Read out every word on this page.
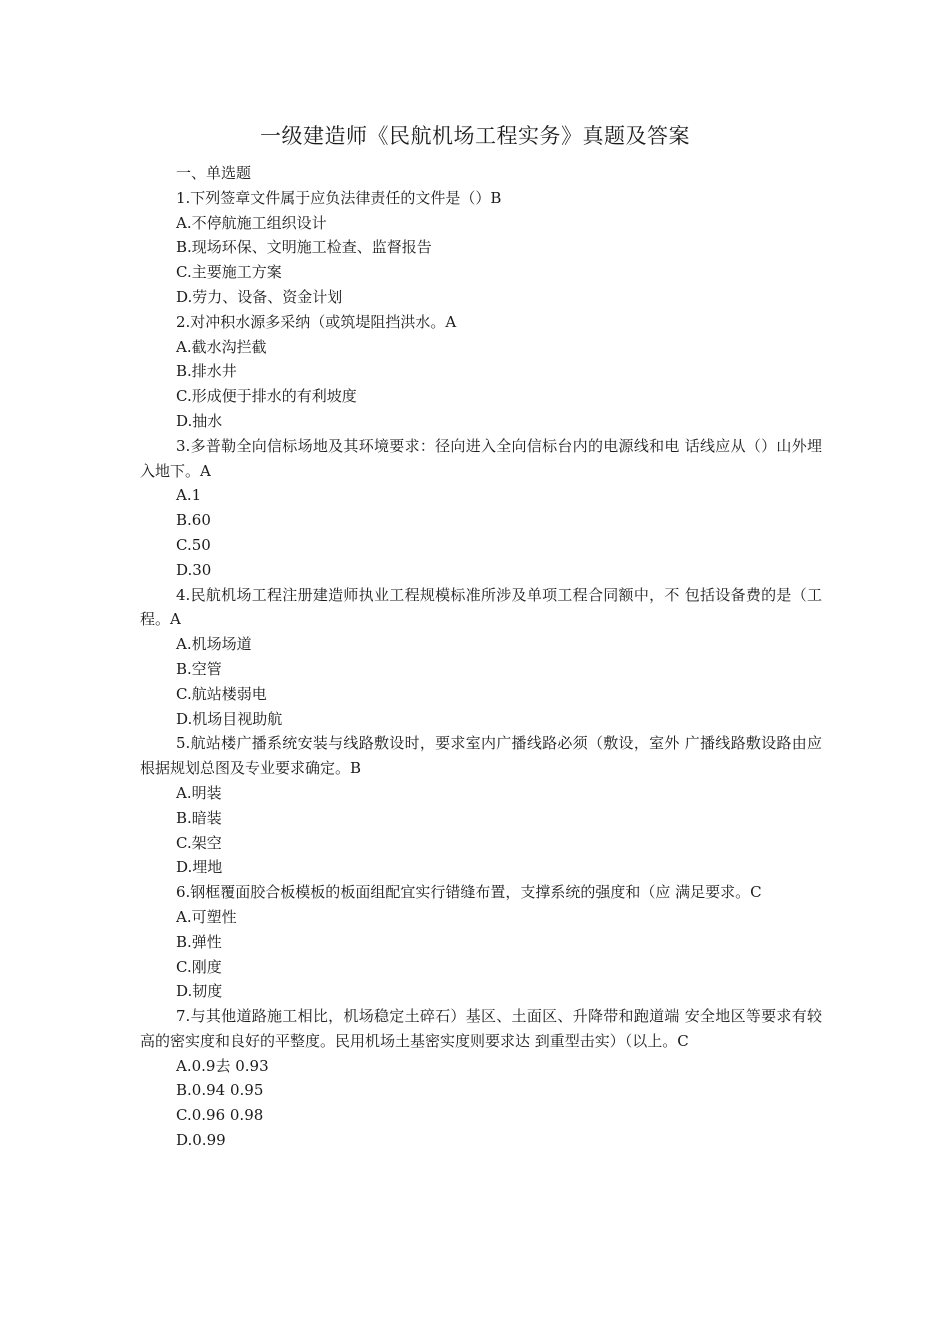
一级建造师《民航机场工程实务》真题及答案

一、单选题

1.下列签章文件属于应负法律责任的文件是（）B

A.不停航施工组织设计

B.现场环保、文明施工检查、监督报告

C.主要施工方案

D.劳力、设备、资金计划

2.对冲积水源多采纳（或筑堤阻挡洪水。A

A.截水沟拦截

B.排水井

C.形成便于排水的有利坡度

D.抽水

3.多普勒全向信标场地及其环境要求：径向进入全向信标台内的电源线和电 话线应从（）山外埋入地下。A

A.1

B.60

C.50

D.30

4.民航机场工程注册建造师执业工程规模标准所涉及单项工程合同额中，不 包括设备费的是（工程。A

A.机场场道

B.空管

C.航站楼弱电

D.机场目视助航

5.航站楼广播系统安装与线路敷设时，要求室内广播线路必须（敷设，室外 广播线路敷设路由应根据规划总图及专业要求确定。B

A.明装

B.暗装

C.架空

D.埋地

6.钢框覆面胶合板模板的板面组配宜实行错缝布置，支撑系统的强度和（应 满足要求。C

A.可塑性

B.弹性

C.刚度

D.韧度

7.与其他道路施工相比，机场稳定土碎石）基区、土面区、升降带和跑道端 安全地区等要求有较高的密实度和良好的平整度。民用机场土基密实度则要求达 到重型击实）（以上。C

A.0.9去 0.93

B.0.94 0.95

C.0.96 0.98

D.0.99
